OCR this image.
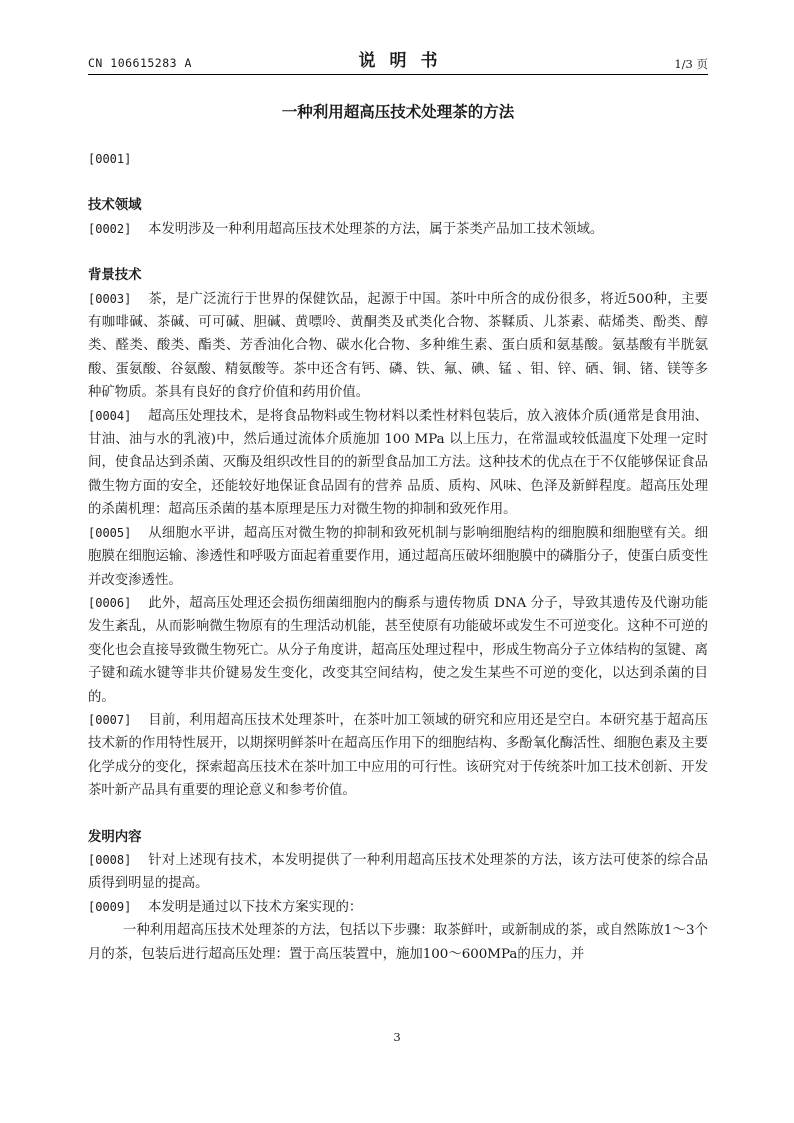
CN 106615283 A	说明书	1/3 页
一种利用超高压技术处理茶的方法

[0001]

技术领域

[0002] 本发明涉及一种利用超高压技术处理茶的方法，属于茶类产品加工技术领域。

背景技术

[0003] 茶，是广泛流行于世界的保健饮品，起源于中国。茶叶中所含的成份很多，将近500种，主要有咖啡碱、茶碱、可可碱、胆碱、黄嘌呤、黄酮类及甙类化合物、茶鞣质、儿茶素、萜烯类、酚类、醇类、醛类、酸类、酯类、芳香油化合物、碳水化合物、多种维生素、蛋白质和氨基酸。氨基酸有半胱氨酸、蛋氨酸、谷氨酸、精氨酸等。茶中还含有钙、磷、铁、氟、碘、锰 、钼、锌、硒、铜、锗、镁等多种矿物质。茶具有良好的食疗价值和药用价值。

[0004] 超高压处理技术，是将食品物料或生物材料以柔性材料包装后，放入液体介质(通常是食用油、甘油、油与水的乳液)中，然后通过流体介质施加 100 MPa 以上压力，在常温或较低温度下处理一定时间，使食品达到杀菌、灭酶及组织改性目的的新型食品加工方法。这种技术的优点在于不仅能够保证食品微生物方面的安全，还能较好地保证食品固有的营养 品质、质构、风味、色泽及新鲜程度。超高压处理的杀菌机理：超高压杀菌的基本原理是压力对微生物的抑制和致死作用。

[0005] 从细胞水平讲，超高压对微生物的抑制和致死机制与影响细胞结构的细胞膜和细胞壁有关。细胞膜在细胞运输、渗透性和呼吸方面起着重要作用，通过超高压破坏细胞膜中的磷脂分子，使蛋白质变性并改变渗透性。

[0006] 此外，超高压处理还会损伤细菌细胞内的酶系与遗传物质 DNA 分子，导致其遗传及代谢功能发生紊乱，从而影响微生物原有的生理活动机能，甚至使原有功能破坏或发生不可逆变化。这种不可逆的变化也会直接导致微生物死亡。从分子角度讲，超高压处理过程中，形成生物高分子立体结构的氢键、离子键和疏水键等非共价键易发生变化，改变其空间结构，使之发生某些不可逆的变化，以达到杀菌的目的。

[0007] 目前，利用超高压技术处理茶叶，在茶叶加工领域的研究和应用还是空白。本研究基于超高压技术新的作用特性展开，以期探明鲜茶叶在超高压作用下的细胞结构、多酚氧化酶活性、细胞色素及主要化学成分的变化，探索超高压技术在茶叶加工中应用的可行性。该研究对于传统茶叶加工技术创新、开发茶叶新产品具有重要的理论意义和参考价值。

发明内容

[0008] 针对上述现有技术，本发明提供了一种利用超高压技术处理茶的方法，该方法可使茶的综合品质得到明显的提高。

[0009] 本发明是通过以下技术方案实现的：

一种利用超高压技术处理茶的方法，包括以下步骤：取茶鲜叶，或新制成的茶，或自然陈放1～3个月的茶，包装后进行超高压处理：置于高压装置中，施加100～600MPa的压力，并

3
